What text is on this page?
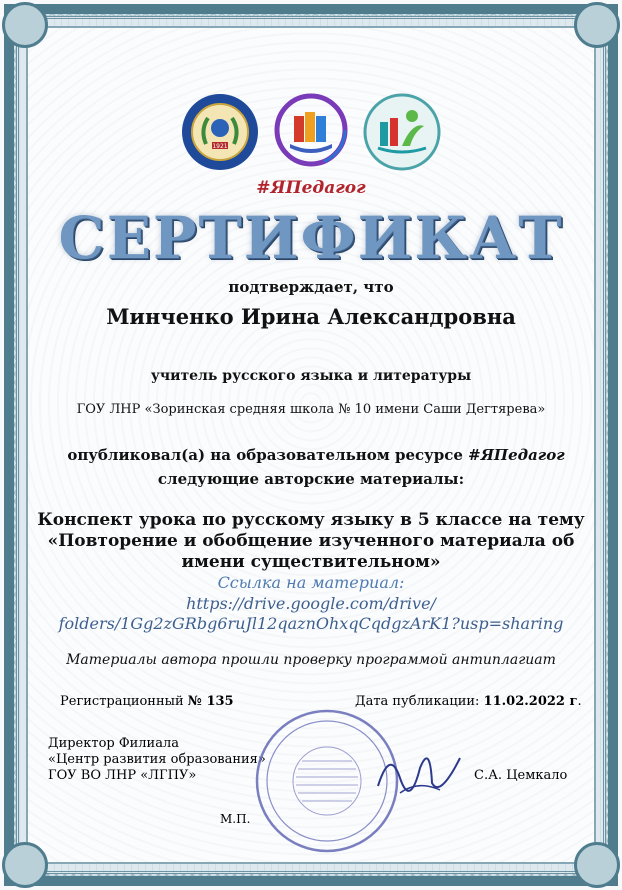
1921
#ЯПедагог
СЕРТИФИКАТ
подтверждает, что
Минченко Ирина Александровна
учитель русского языка и литературы
ГОУ ЛНР «Зоринская средняя школа № 10 имени Саши Дегтярева»
опубликовал(а) на образовательном ресурсе #ЯПедагог
следующие авторские материалы:
Конспект урока по русскому языку в 5 классе на тему
«Повторение и обобщение изученного материала об
имени существительном»
Ссылка на материал:
https://drive.google.com/drive/
folders/1Gg2zGRbg6ruJl12qaznOhxqCqdgzArK1?usp=sharing
Материалы автора прошли проверку программой антиплагиат
Регистрационный № 135	Дата публикации: 11.02.2022 г.
Директор Филиала
«Центр развития образования»
ГОУ ВО ЛНР «ЛГПУ»	С.А. Цемкало
М.П.
